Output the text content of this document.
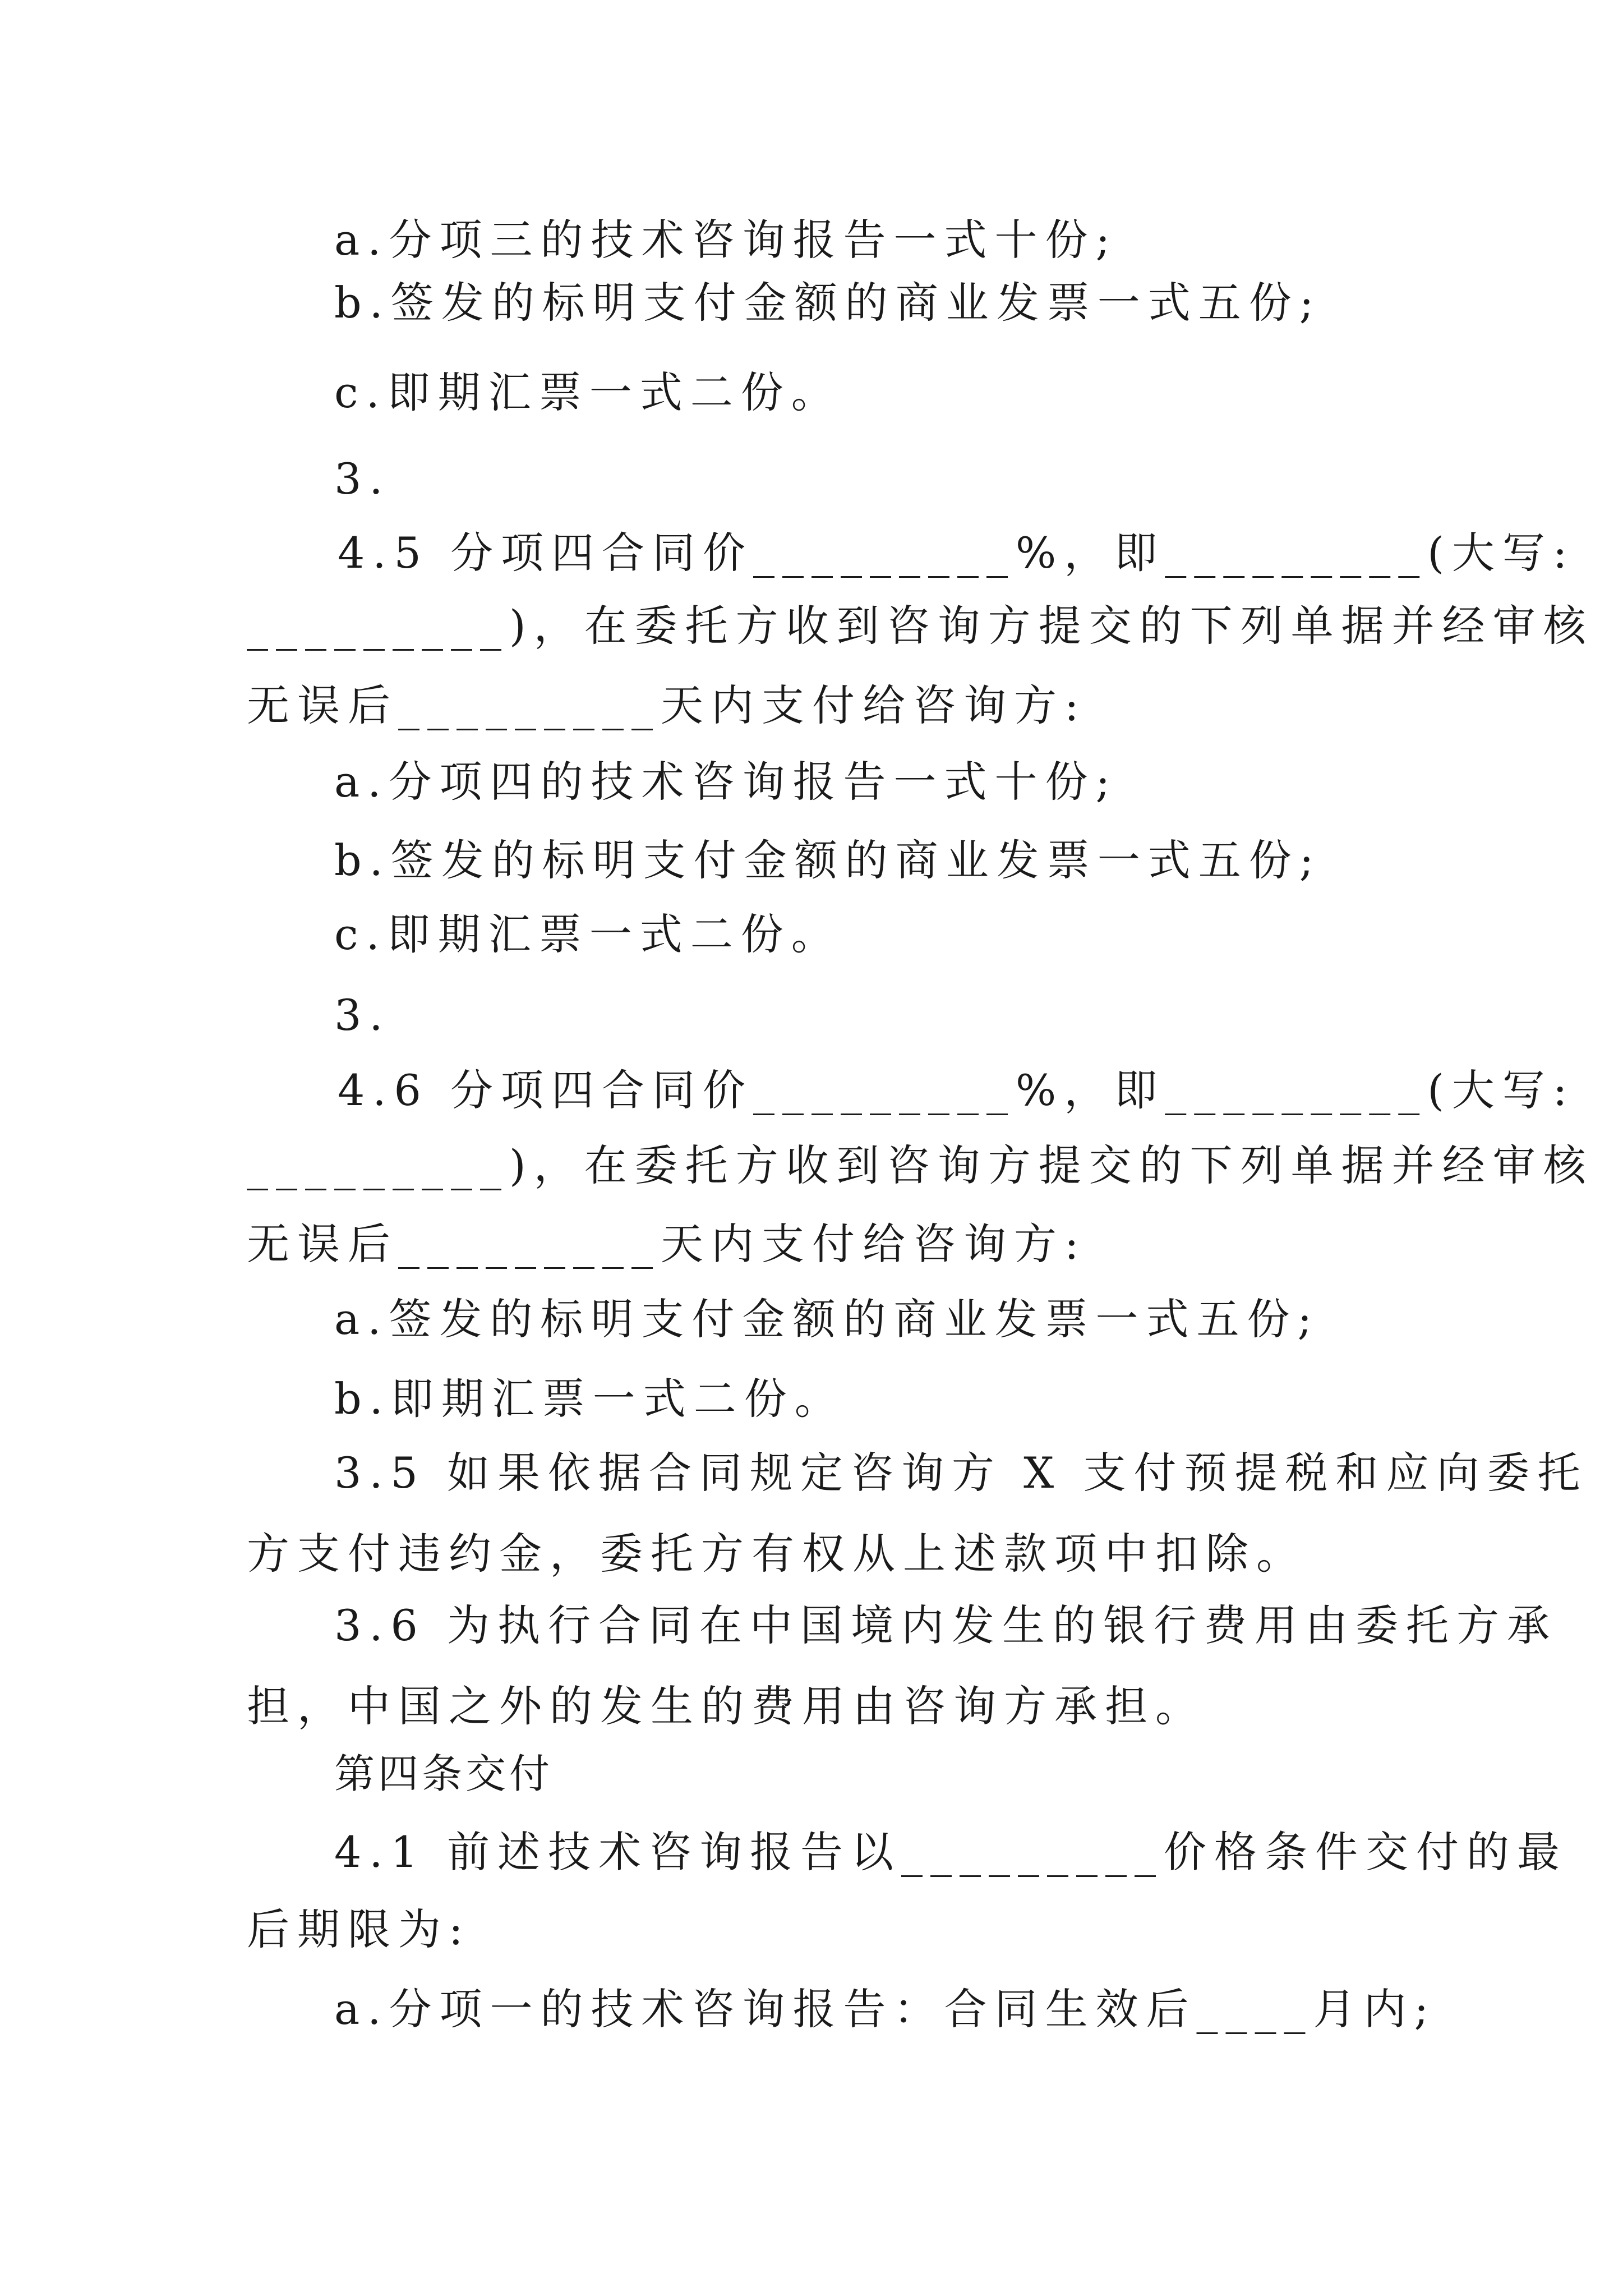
a.分项三的技术咨询报告一式十份;
b.签发的标明支付金额的商业发票一式五份;
c.即期汇票一式二份。
3.
4.5 分项四合同价_________%，即_________(大写:
_________)，在委托方收到咨询方提交的下列单据并经审核
无误后_________天内支付给咨询方:
a.分项四的技术咨询报告一式十份;
b.签发的标明支付金额的商业发票一式五份;
c.即期汇票一式二份。
3.
4.6 分项四合同价_________%，即_________(大写:
_________)，在委托方收到咨询方提交的下列单据并经审核
无误后_________天内支付给咨询方:
a.签发的标明支付金额的商业发票一式五份;
b.即期汇票一式二份。
3.5 如果依据合同规定咨询方 X 支付预提税和应向委托
方支付违约金，委托方有权从上述款项中扣除。
3.6 为执行合同在中国境内发生的银行费用由委托方承
担，中国之外的发生的费用由咨询方承担。
第四条交付
4.1 前述技术咨询报告以_________价格条件交付的最
后期限为:
a.分项一的技术咨询报告：合同生效后____月内;
